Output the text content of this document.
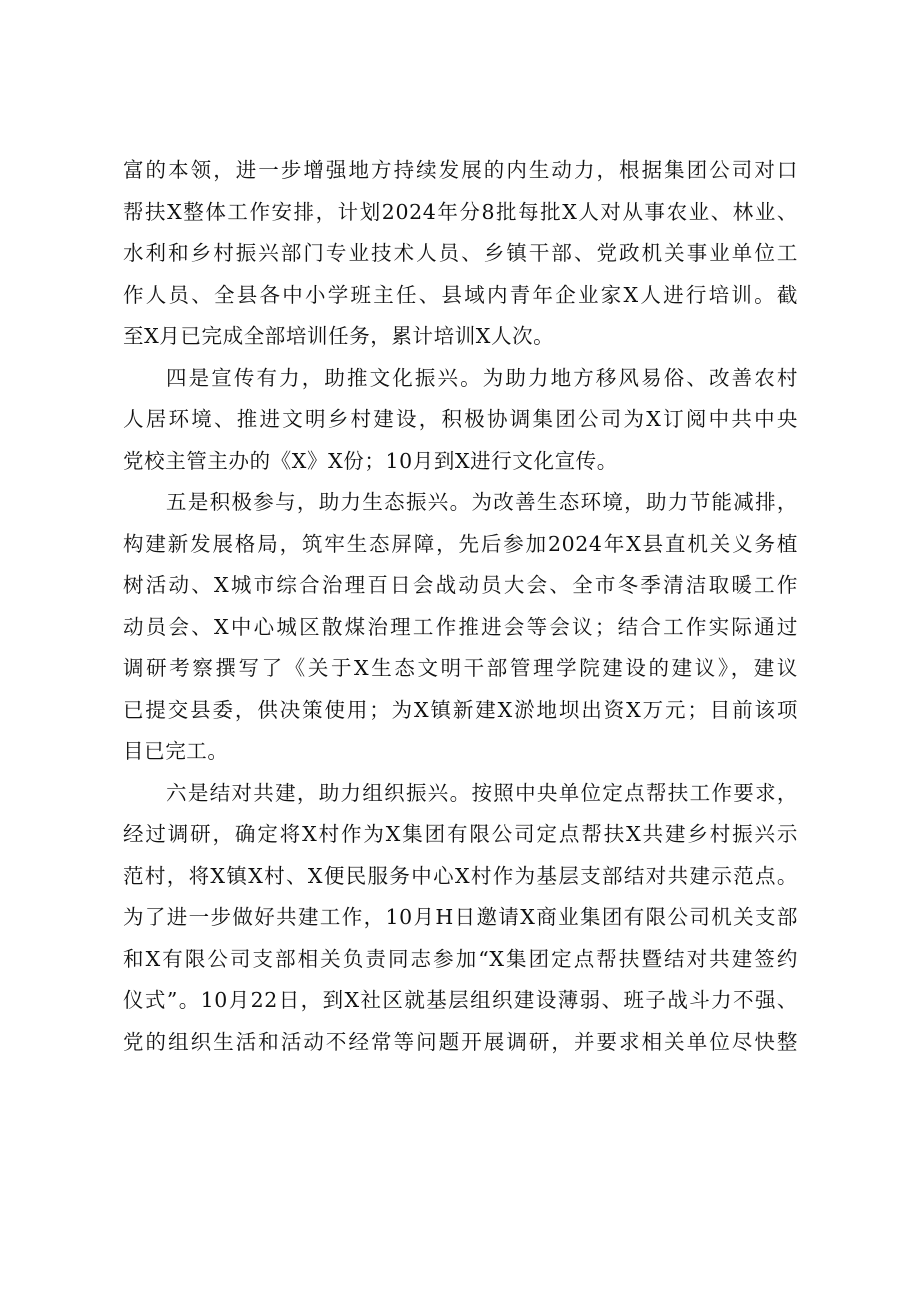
富的本领，进一步增强地方持续发展的内生动力，根据集团公司对口
帮扶X整体工作安排，计划2024年分8批每批X人对从事农业、林业、
水利和乡村振兴部门专业技术人员、乡镇干部、党政机关事业单位工
作人员、全县各中小学班主任、县域内青年企业家X人进行培训。截
至X月已完成全部培训任务，累计培训X人次。
四是宣传有力，助推文化振兴。为助力地方移风易俗、改善农村
人居环境、推进文明乡村建设，积极协调集团公司为X订阅中共中央
党校主管主办的《X》X份；10月到X进行文化宣传。
五是积极参与，助力生态振兴。为改善生态环境，助力节能减排，
构建新发展格局，筑牢生态屏障，先后参加2024年X县直机关义务植
树活动、X城市综合治理百日会战动员大会、全市冬季清洁取暖工作
动员会、X中心城区散煤治理工作推进会等会议；结合工作实际通过
调研考察撰写了《关于X生态文明干部管理学院建设的建议》，建议
已提交县委，供决策使用；为X镇新建X淤地坝出资X万元；目前该项
目已完工。
六是结对共建，助力组织振兴。按照中央单位定点帮扶工作要求，
经过调研，确定将X村作为X集团有限公司定点帮扶X共建乡村振兴示
范村，将X镇X村、X便民服务中心X村作为基层支部结对共建示范点。
为了进一步做好共建工作，10月H日邀请X商业集团有限公司机关支部
和X有限公司支部相关负责同志参加“X集团定点帮扶暨结对共建签约
仪式”。10月22日，到X社区就基层组织建设薄弱、班子战斗力不强、
党的组织生活和活动不经常等问题开展调研，并要求相关单位尽快整
